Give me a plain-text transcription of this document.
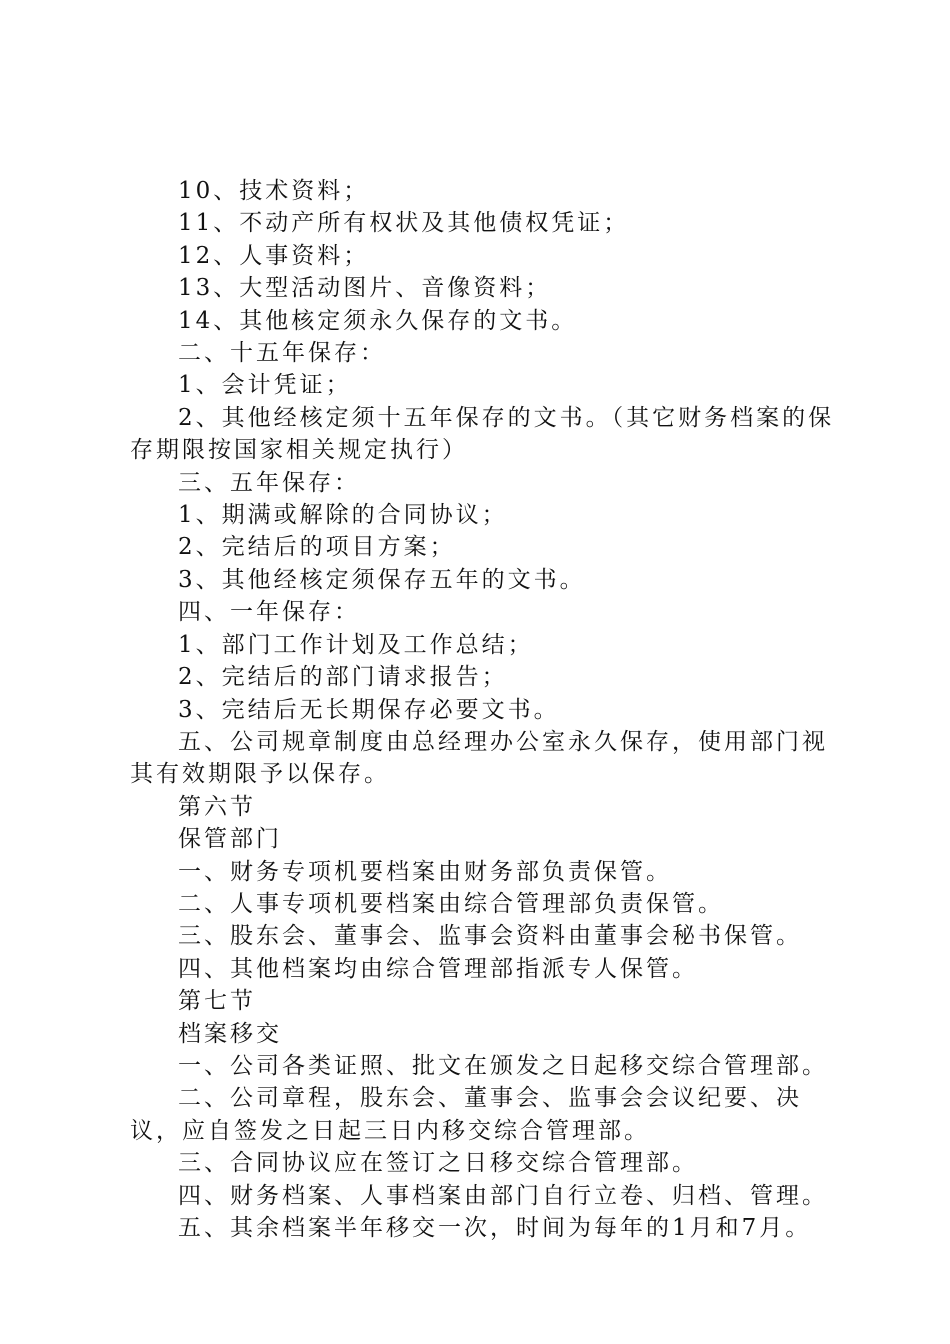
10、技术资料；

11、不动产所有权状及其他债权凭证；

12、人事资料；

13、大型活动图片、音像资料；

14、其他核定须永久保存的文书。

二、十五年保存：

1、会计凭证；

2、其他经核定须十五年保存的文书。（其它财务档案的保存期限按国家相关规定执行）

三、五年保存：

1、期满或解除的合同协议；

2、完结后的项目方案；

3、其他经核定须保存五年的文书。

四、一年保存：

1、部门工作计划及工作总结；

2、完结后的部门请求报告；

3、完结后无长期保存必要文书。

五、公司规章制度由总经理办公室永久保存，使用部门视其有效期限予以保存。

第六节

保管部门

一、财务专项机要档案由财务部负责保管。

二、人事专项机要档案由综合管理部负责保管。

三、股东会、董事会、监事会资料由董事会秘书保管。

四、其他档案均由综合管理部指派专人保管。

第七节

档案移交

一、公司各类证照、批文在颁发之日起移交综合管理部。

二、公司章程，股东会、董事会、监事会会议纪要、决议，应自签发之日起三日内移交综合管理部。

三、合同协议应在签订之日移交综合管理部。

四、财务档案、人事档案由部门自行立卷、归档、管理。

五、其余档案半年移交一次，时间为每年的1月和7月。
